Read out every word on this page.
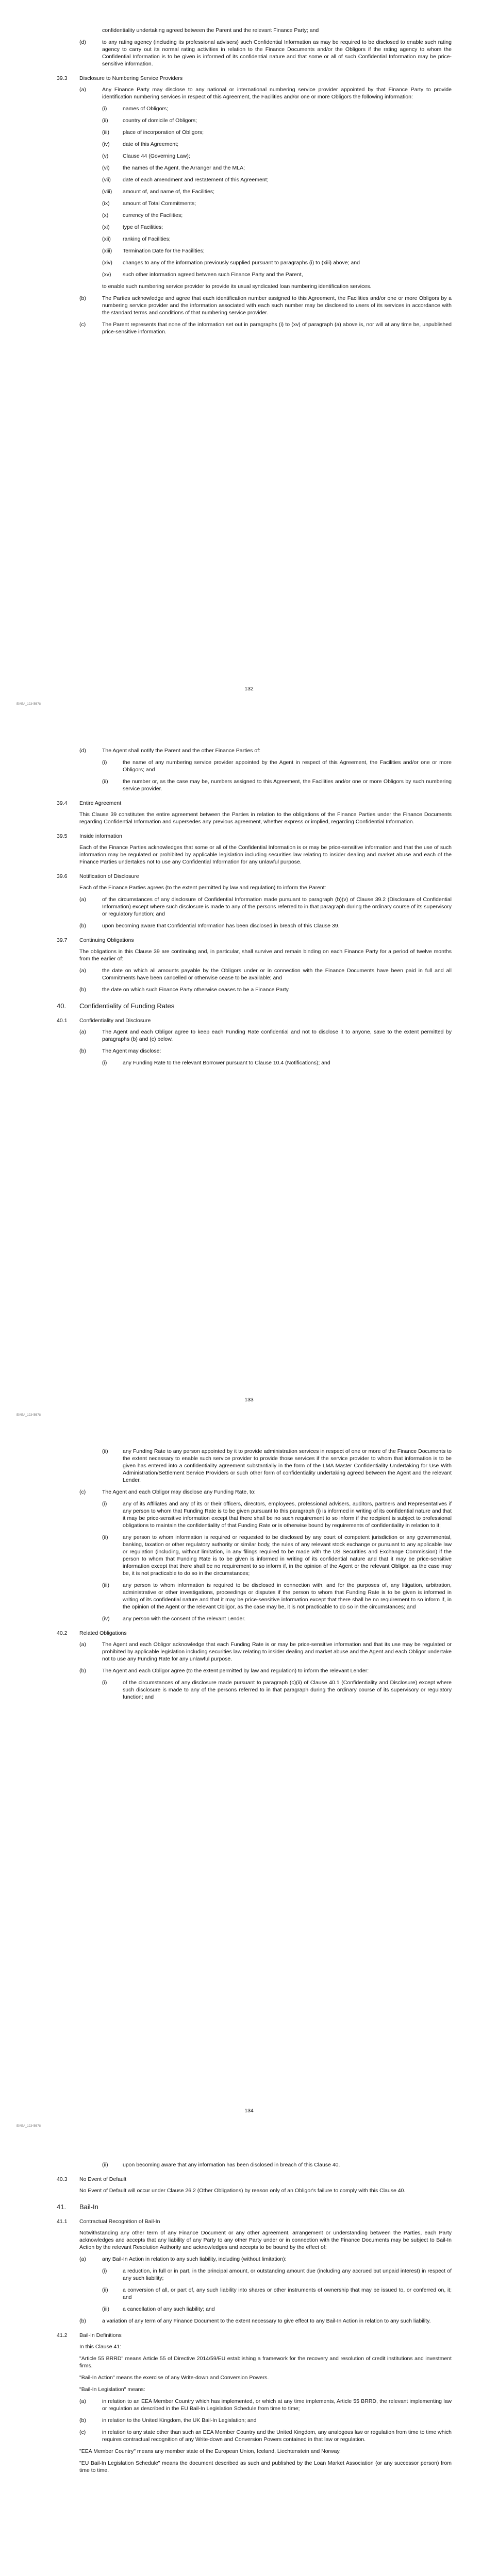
confidentiality undertaking agreed between the Parent and the relevant Finance Party; and
(d)	to any rating agency (including its professional advisers) such Confidential Information as may be required to be disclosed to enable such rating agency to carry out its normal rating activities in relation to the Finance Documents and/or the Obligors if the rating agency to whom the Confidential Information is to be given is informed of its confidential nature and that some or all of such Confidential Information may be price-sensitive information.
39.3	Disclosure to Numbering Service Providers
(a)	Any Finance Party may disclose to any national or international numbering service provider appointed by that Finance Party to provide identification numbering services in respect of this Agreement, the Facilities and/or one or more Obligors the following information:
(i)	names of Obligors;
(ii)	country of domicile of Obligors;
(iii)	place of incorporation of Obligors;
(iv)	date of this Agreement;
(v)	Clause 44 (Governing Law);
(vi)	the names of the Agent, the Arranger and the MLA;
(vii)	date of each amendment and restatement of this Agreement;
(viii)	amount of, and name of, the Facilities;
(ix)	amount of Total Commitments;
(x)	currency of the Facilities;
(xi)	type of Facilities;
(xii)	ranking of Facilities;
(xiii)	Termination Date for the Facilities;
(xiv)	changes to any of the information previously supplied pursuant to paragraphs (i) to (xiii) above; and
(xv)	such other information agreed between such Finance Party and the Parent,
to enable such numbering service provider to provide its usual syndicated loan numbering identification services.
(b)	The Parties acknowledge and agree that each identification number assigned to this Agreement, the Facilities and/or one or more Obligors by a numbering service provider and the information associated with each such number may be disclosed to users of its services in accordance with the standard terms and conditions of that numbering service provider.
(c)	The Parent represents that none of the information set out in paragraphs (i) to (xv) of paragraph (a) above is, nor will at any time be, unpublished price-sensitive information.
EMEA_12345678
132
(d)	The Agent shall notify the Parent and the other Finance Parties of:
(i)	the name of any numbering service provider appointed by the Agent in respect of this Agreement, the Facilities and/or one or more Obligors; and
(ii)	the number or, as the case may be, numbers assigned to this Agreement, the Facilities and/or one or more Obligors by such numbering service provider.
39.4	Entire Agreement
This Clause 39 constitutes the entire agreement between the Parties in relation to the obligations of the Finance Parties under the Finance Documents regarding Confidential Information and supersedes any previous agreement, whether express or implied, regarding Confidential Information.
39.5	Inside information
Each of the Finance Parties acknowledges that some or all of the Confidential Information is or may be price-sensitive information and that the use of such information may be regulated or prohibited by applicable legislation including securities law relating to insider dealing and market abuse and each of the Finance Parties undertakes not to use any Confidential Information for any unlawful purpose.
39.6	Notification of Disclosure
Each of the Finance Parties agrees (to the extent permitted by law and regulation) to inform the Parent:
(a)	of the circumstances of any disclosure of Confidential Information made pursuant to paragraph (b)(v) of Clause 39.2 (Disclosure of Confidential Information) except where such disclosure is made to any of the persons referred to in that paragraph during the ordinary course of its supervisory or regulatory function; and
(b)	upon becoming aware that Confidential Information has been disclosed in breach of this Clause 39.
39.7	Continuing Obligations
The obligations in this Clause 39 are continuing and, in particular, shall survive and remain binding on each Finance Party for a period of twelve months from the earlier of:
(a)	the date on which all amounts payable by the Obligors under or in connection with the Finance Documents have been paid in full and all Commitments have been cancelled or otherwise cease to be available; and
(b)	the date on which such Finance Party otherwise ceases to be a Finance Party.
40.	Confidentiality of Funding Rates
40.1	Confidentiality and Disclosure
(a)	The Agent and each Obligor agree to keep each Funding Rate confidential and not to disclose it to anyone, save to the extent permitted by paragraphs (b) and (c) below.
(b)	The Agent may disclose:
(i)	any Funding Rate to the relevant Borrower pursuant to Clause 10.4 (Notifications); and
EMEA_12345678
133
(ii)	any Funding Rate to any person appointed by it to provide administration services in respect of one or more of the Finance Documents to the extent necessary to enable such service provider to provide those services if the service provider to whom that information is to be given has entered into a confidentiality agreement substantially in the form of the LMA Master Confidentiality Undertaking for Use With Administration/Settlement Service Providers or such other form of confidentiality undertaking agreed between the Agent and the relevant Lender.
(c)	The Agent and each Obligor may disclose any Funding Rate, to:
(i)	any of its Affiliates and any of its or their officers, directors, employees, professional advisers, auditors, partners and Representatives if any person to whom that Funding Rate is to be given pursuant to this paragraph (i) is informed in writing of its confidential nature and that it may be price-sensitive information except that there shall be no such requirement to so inform if the recipient is subject to professional obligations to maintain the confidentiality of that Funding Rate or is otherwise bound by requirements of confidentiality in relation to it;
(ii)	any person to whom information is required or requested to be disclosed by any court of competent jurisdiction or any governmental, banking, taxation or other regulatory authority or similar body, the rules of any relevant stock exchange or pursuant to any applicable law or regulation (including, without limitation, in any filings required to be made with the US Securities and Exchange Commission) if the person to whom that Funding Rate is to be given is informed in writing of its confidential nature and that it may be price-sensitive information except that there shall be no requirement to so inform if, in the opinion of the Agent or the relevant Obligor, as the case may be, it is not practicable to do so in the circumstances;
(iii)	any person to whom information is required to be disclosed in connection with, and for the purposes of, any litigation, arbitration, administrative or other investigations, proceedings or disputes if the person to whom that Funding Rate is to be given is informed in writing of its confidential nature and that it may be price-sensitive information except that there shall be no requirement to so inform if, in the opinion of the Agent or the relevant Obligor, as the case may be, it is not practicable to do so in the circumstances; and
(iv)	any person with the consent of the relevant Lender.
40.2	Related Obligations
(a)	The Agent and each Obligor acknowledge that each Funding Rate is or may be price-sensitive information and that its use may be regulated or prohibited by applicable legislation including securities law relating to insider dealing and market abuse and the Agent and each Obligor undertake not to use any Funding Rate for any unlawful purpose.
(b)	The Agent and each Obligor agree (to the extent permitted by law and regulation) to inform the relevant Lender:
(i)	of the circumstances of any disclosure made pursuant to paragraph (c)(ii) of Clause 40.1 (Confidentiality and Disclosure) except where such disclosure is made to any of the persons referred to in that paragraph during the ordinary course of its supervisory or regulatory function; and
EMEA_12345678
134
(ii)	upon becoming aware that any information has been disclosed in breach of this Clause 40.
40.3	No Event of Default
No Event of Default will occur under Clause 26.2 (Other Obligations) by reason only of an Obligor's failure to comply with this Clause 40.
41.	Bail-In
41.1	Contractual Recognition of Bail-In
Notwithstanding any other term of any Finance Document or any other agreement, arrangement or understanding between the Parties, each Party acknowledges and accepts that any liability of any Party to any other Party under or in connection with the Finance Documents may be subject to Bail-In Action by the relevant Resolution Authority and acknowledges and accepts to be bound by the effect of:
(a)	any Bail-In Action in relation to any such liability, including (without limitation):
(i)	a reduction, in full or in part, in the principal amount, or outstanding amount due (including any accrued but unpaid interest) in respect of any such liability;
(ii)	a conversion of all, or part of, any such liability into shares or other instruments of ownership that may be issued to, or conferred on, it; and
(iii)	a cancellation of any such liability; and
(b)	a variation of any term of any Finance Document to the extent necessary to give effect to any Bail-In Action in relation to any such liability.
41.2	Bail-In Definitions
In this Clause 41:
"Article 55 BRRD" means Article 55 of Directive 2014/59/EU establishing a framework for the recovery and resolution of credit institutions and investment firms.
"Bail-In Action" means the exercise of any Write-down and Conversion Powers.
"Bail-In Legislation" means:
(a)	in relation to an EEA Member Country which has implemented, or which at any time implements, Article 55 BRRD, the relevant implementing law or regulation as described in the EU Bail-In Legislation Schedule from time to time;
(b)	in relation to the United Kingdom, the UK Bail-In Legislation; and
(c)	in relation to any state other than such an EEA Member Country and the United Kingdom, any analogous law or regulation from time to time which requires contractual recognition of any Write-down and Conversion Powers contained in that law or regulation.
"EEA Member Country" means any member state of the European Union, Iceland, Liechtenstein and Norway.
"EU Bail-In Legislation Schedule" means the document described as such and published by the Loan Market Association (or any successor person) from time to time.
